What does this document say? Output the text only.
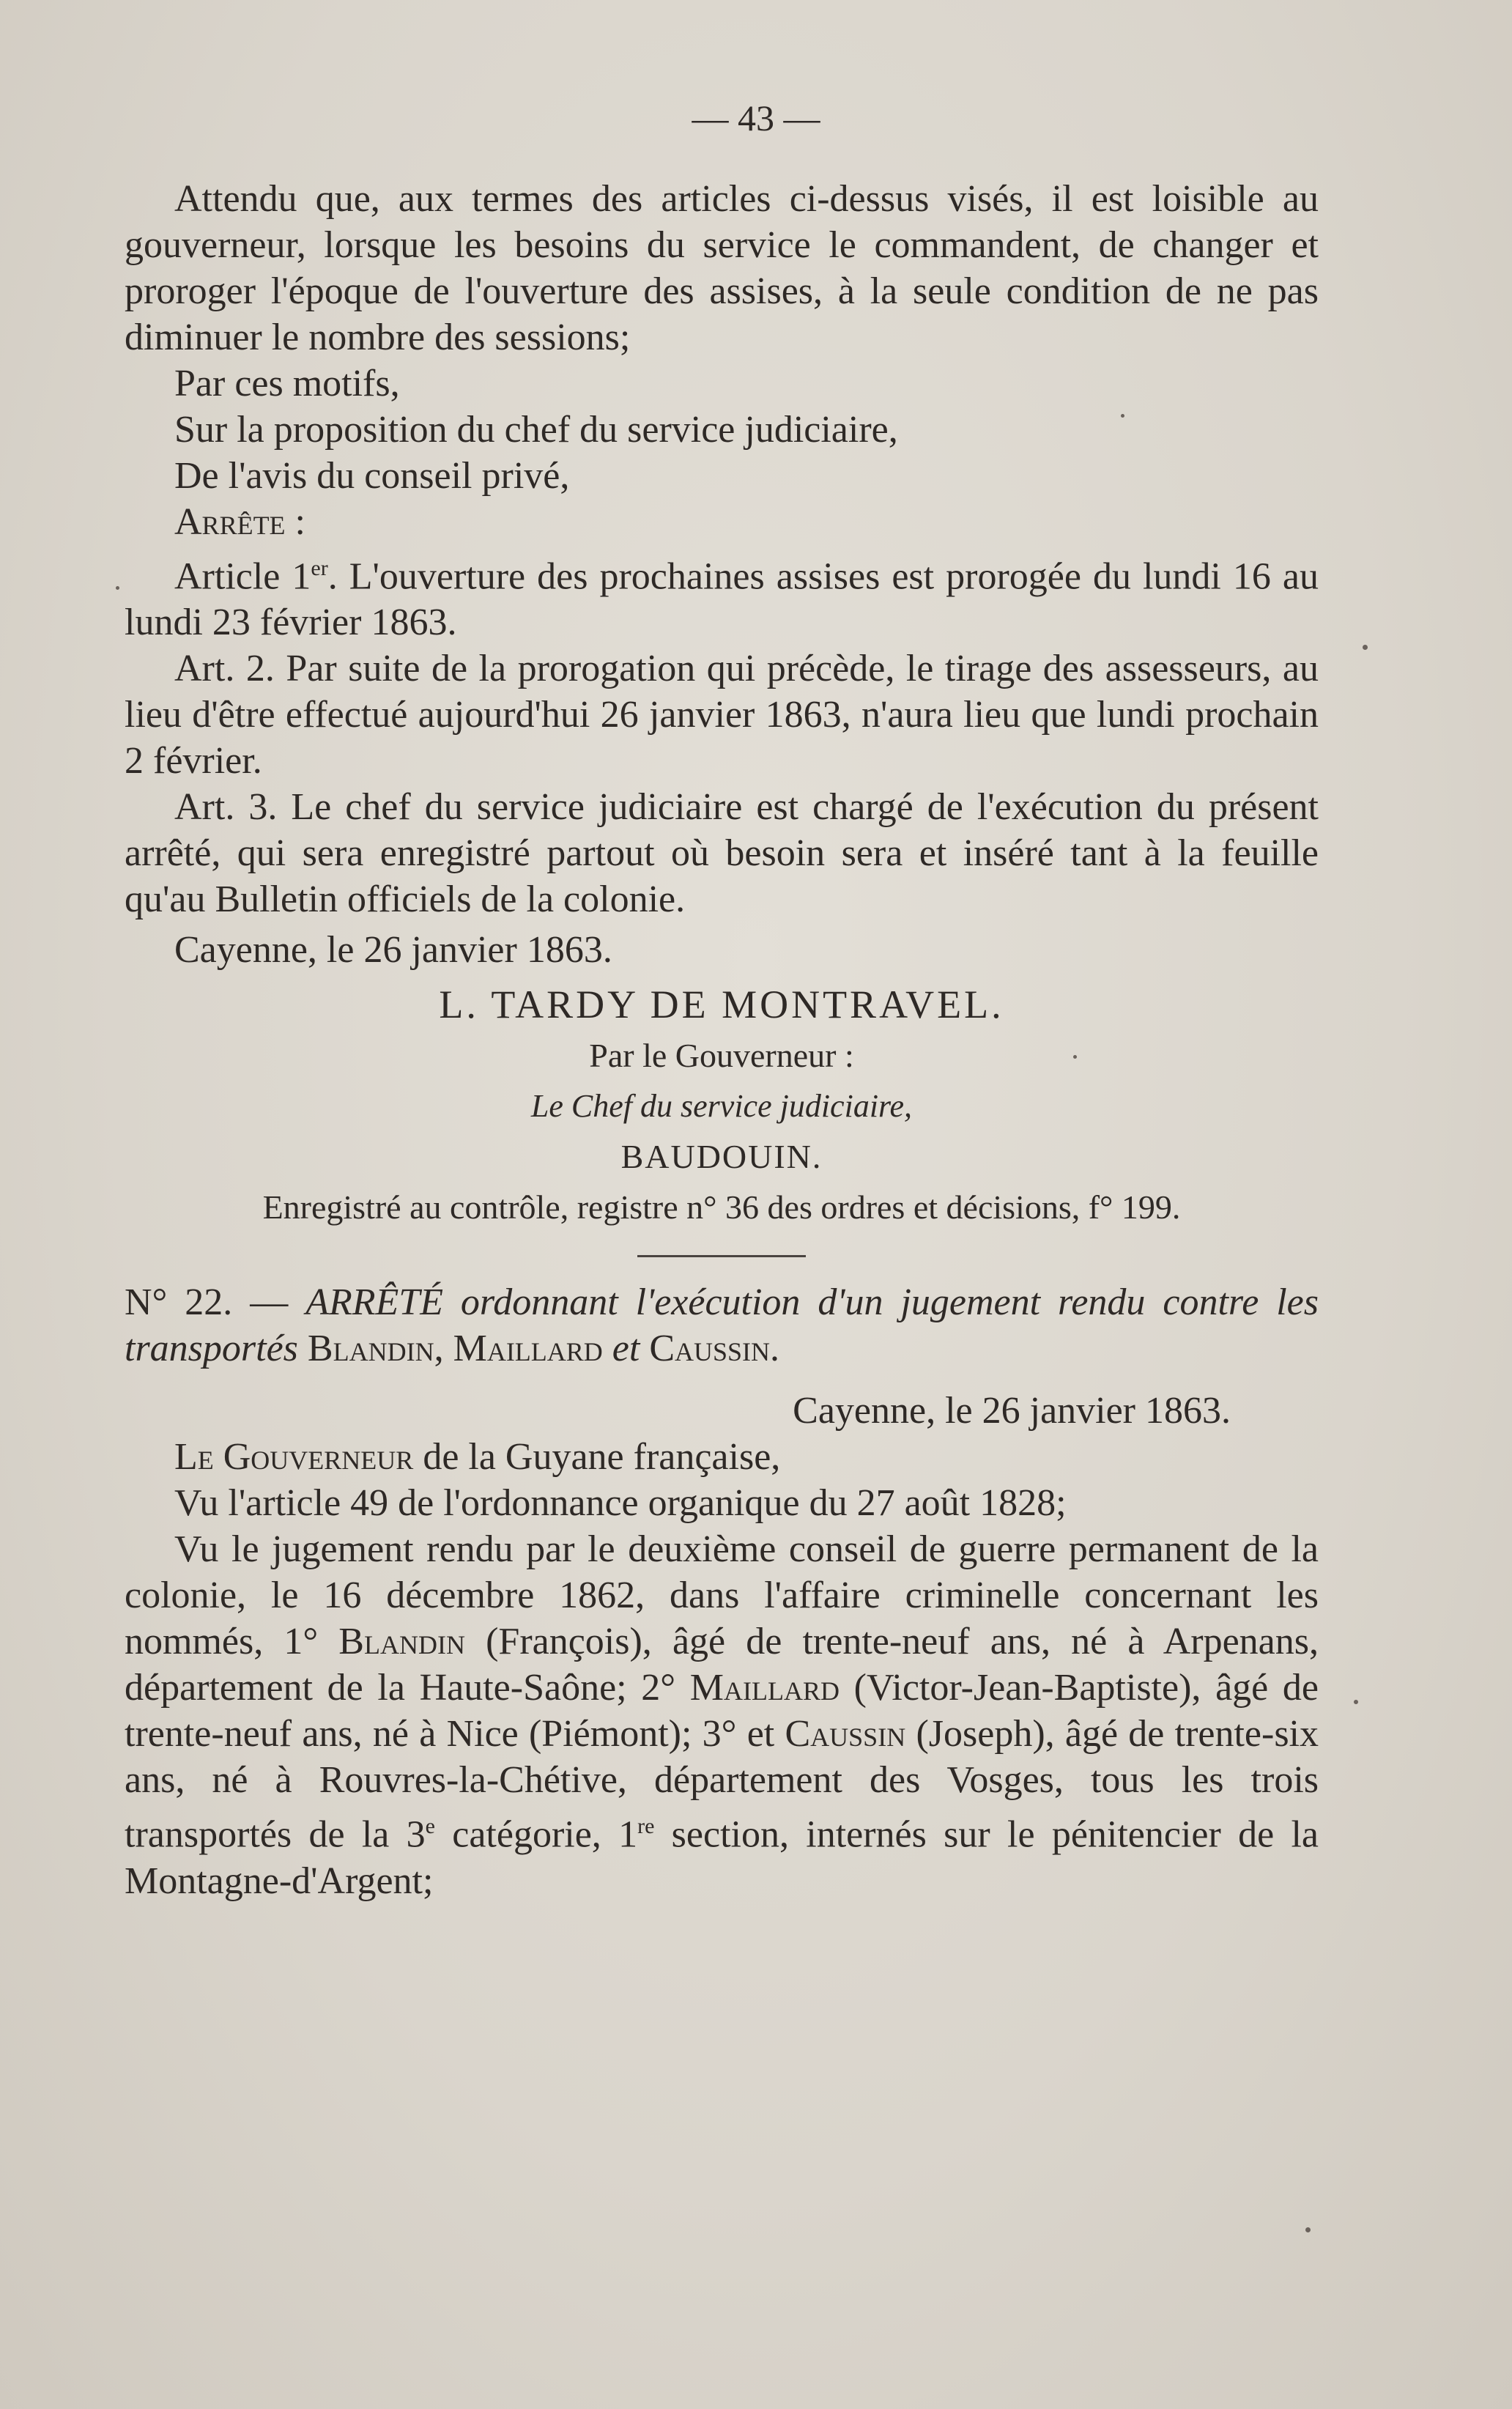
— 43 —

Attendu que, aux termes des articles ci-dessus visés, il est loisible au gouverneur, lorsque les besoins du service le commandent, de changer et proroger l'époque de l'ouverture des assises, à la seule condition de ne pas diminuer le nombre des sessions;

Par ces motifs,

Sur la proposition du chef du service judiciaire,

De l'avis du conseil privé,

Arrête :

Article 1er. L'ouverture des prochaines assises est prorogée du lundi 16 au lundi 23 février 1863.

Art. 2. Par suite de la prorogation qui précède, le tirage des assesseurs, au lieu d'être effectué aujourd'hui 26 janvier 1863, n'aura lieu que lundi prochain 2 février.

Art. 3. Le chef du service judiciaire est chargé de l'exécution du présent arrêté, qui sera enregistré partout où besoin sera et inséré tant à la feuille qu'au Bulletin officiels de la colonie.

Cayenne, le 26 janvier 1863.

L. TARDY DE MONTRAVEL.
Par le Gouverneur :
Le Chef du service judiciaire,
BAUDOUIN.
Enregistré au contrôle, registre n° 36 des ordres et décisions, f° 199.

N° 22. — ARRÊTÉ ordonnant l'exécution d'un jugement rendu contre les transportés Blandin, Maillard et Caussin.

Cayenne, le 26 janvier 1863.

Le Gouverneur de la Guyane française,

Vu l'article 49 de l'ordonnance organique du 27 août 1828;

Vu le jugement rendu par le deuxième conseil de guerre permanent de la colonie, le 16 décembre 1862, dans l'affaire criminelle concernant les nommés, 1° Blandin (François), âgé de trente-neuf ans, né à Arpenans, département de la Haute-Saône; 2° Maillard (Victor-Jean-Baptiste), âgé de trente-neuf ans, né à Nice (Piémont); 3° et Caussin (Joseph), âgé de trente-six ans, né à Rouvres-la-Chétive, département des Vosges, tous les trois transportés de la 3e catégorie, 1re section, internés sur le pénitencier de la Montagne-d'Argent;
